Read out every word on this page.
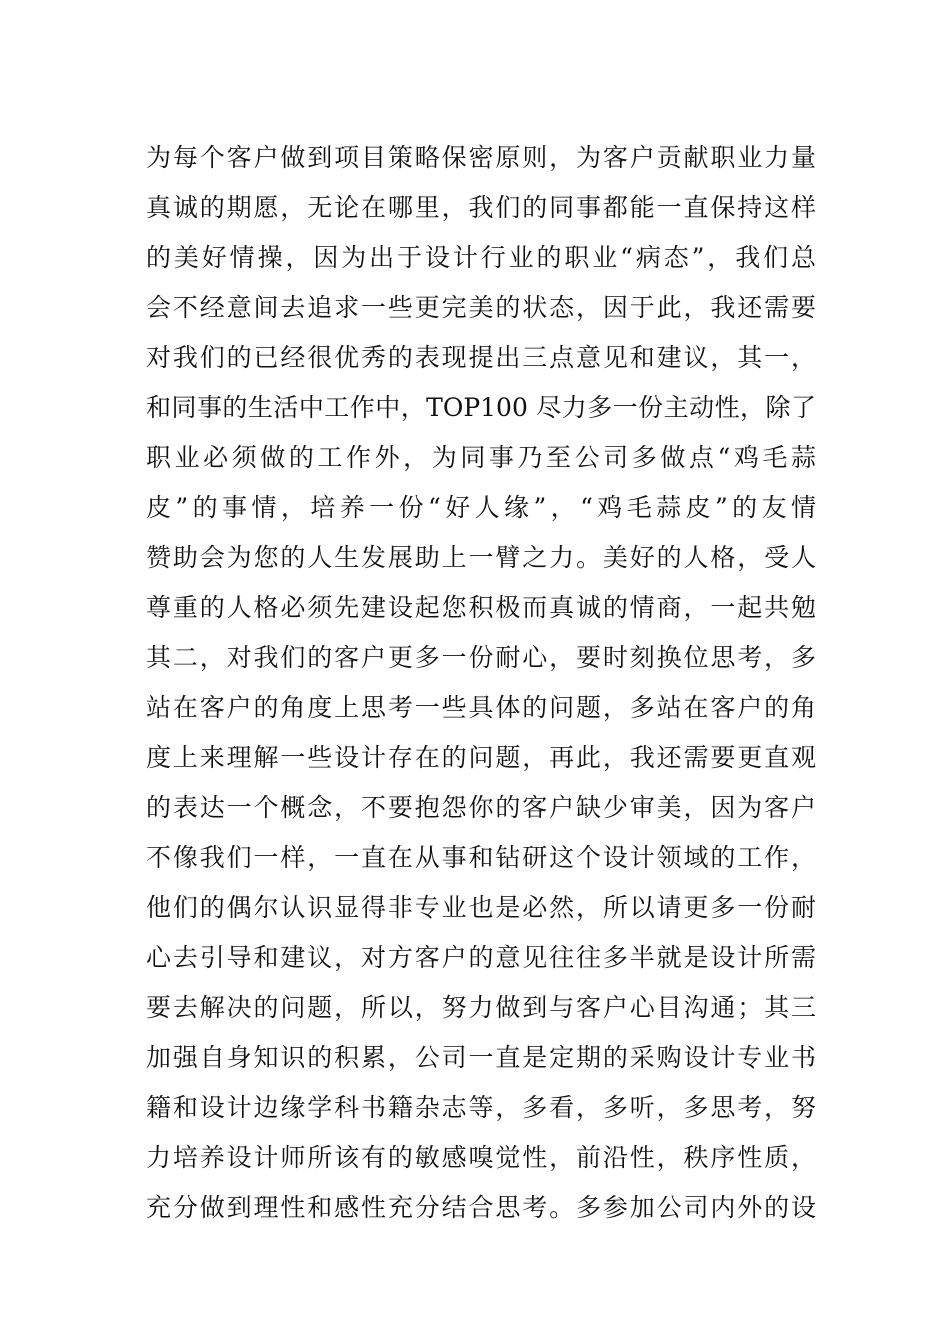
为每个客户做到项目策略保密原则，为客户贡献职业力量
真诚的期愿，无论在哪里，我们的同事都能一直保持这样
的美好情操，因为出于设计行业的职业“病态”，我们总
会不经意间去追求一些更完美的状态，因于此，我还需要
对我们的已经很优秀的表现提出三点意见和建议，其一，
和同事的生活中工作中，TOP100 尽力多一份主动性，除了
职业必须做的工作外，为同事乃至公司多做点“鸡毛蒜
皮”的事情，培养一份“好人缘”，“鸡毛蒜皮”的友情
赞助会为您的人生发展助上一臂之力。美好的人格，受人
尊重的人格必须先建设起您积极而真诚的情商，一起共勉
其二，对我们的客户更多一份耐心，要时刻换位思考，多
站在客户的角度上思考一些具体的问题，多站在客户的角
度上来理解一些设计存在的问题，再此，我还需要更直观
的表达一个概念，不要抱怨你的客户缺少审美，因为客户
不像我们一样，一直在从事和钻研这个设计领域的工作，
他们的偶尔认识显得非专业也是必然，所以请更多一份耐
心去引导和建议，对方客户的意见往往多半就是设计所需
要去解决的问题，所以，努力做到与客户心目沟通；其三
加强自身知识的积累，公司一直是定期的采购设计专业书
籍和设计边缘学科书籍杂志等，多看，多听，多思考，努
力培养设计师所该有的敏感嗅觉性，前沿性，秩序性质，
充分做到理性和感性充分结合思考。多参加公司内外的设
